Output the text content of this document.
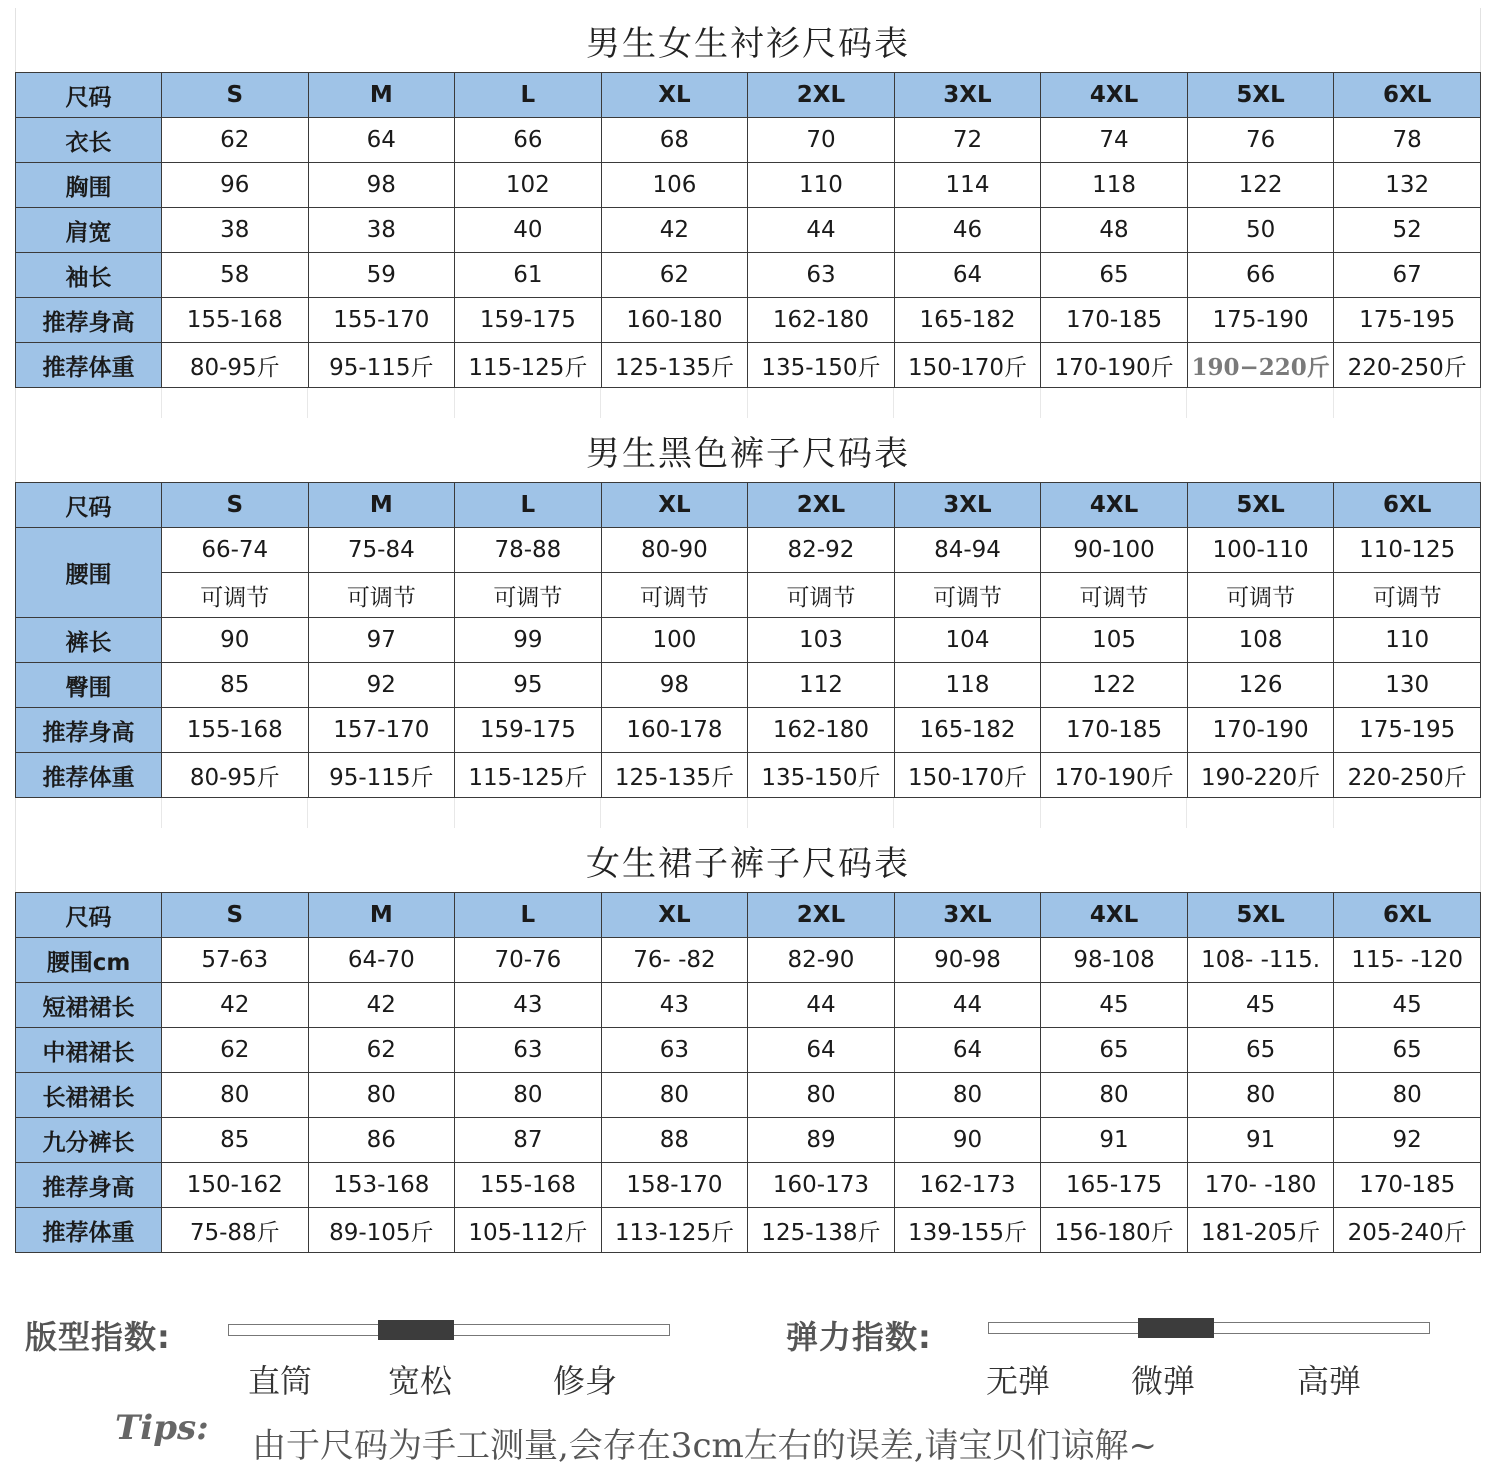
男生女生衬衫尺码表
尺码	S	M	L	XL	2XL	3XL	4XL	5XL	6XL
衣长	62	64	66	68	70	72	74	76	78
胸围	96	98	102	106	110	114	118	122	132
肩宽	38	38	40	42	44	46	48	50	52
袖长	58	59	61	62	63	64	65	66	67
推荐身高	155-168	155-170	159-175	160-180	162-180	165-182	170-185	175-190	175-195
推荐体重	80-95斤	95-115斤	115-125斤	125-135斤	135-150斤	150-170斤	170-190斤	190−220斤	220-250斤
男生黑色裤子尺码表
尺码	S	M	L	XL	2XL	3XL	4XL	5XL	6XL
腰围	66-74	75-84	78-88	80-90	82-92	84-94	90-100	100-110	110-125
	可调节	可调节	可调节	可调节	可调节	可调节	可调节	可调节	可调节
裤长	90	97	99	100	103	104	105	108	110
臀围	85	92	95	98	112	118	122	126	130
推荐身高	155-168	157-170	159-175	160-178	162-180	165-182	170-185	170-190	175-195
推荐体重	80-95斤	95-115斤	115-125斤	125-135斤	135-150斤	150-170斤	170-190斤	190-220斤	220-250斤
女生裙子裤子尺码表
尺码	S	M	L	XL	2XL	3XL	4XL	5XL	6XL
腰围cm	57-63	64-70	70-76	76- -82	82-90	90-98	98-108	108- -115.	115- -120
短裙裙长	42	42	43	43	44	44	45	45	45
中裙裙长	62	62	63	63	64	64	65	65	65
长裙裙长	80	80	80	80	80	80	80	80	80
九分裤长	85	86	87	88	89	90	91	91	92
推荐身高	150-162	153-168	155-168	158-170	160-173	162-173	165-175	170- -180	170-185
推荐体重	75-88斤	89-105斤	105-112斤	113-125斤	125-138斤	139-155斤	156-180斤	181-205斤	205-240斤
版型指数:
直筒 宽松	修身
弹力指数:
无弹	微弹	高弹
Tips: 由于尺码为手工测量,会存在3cm左右的误差,请宝贝们谅解~
